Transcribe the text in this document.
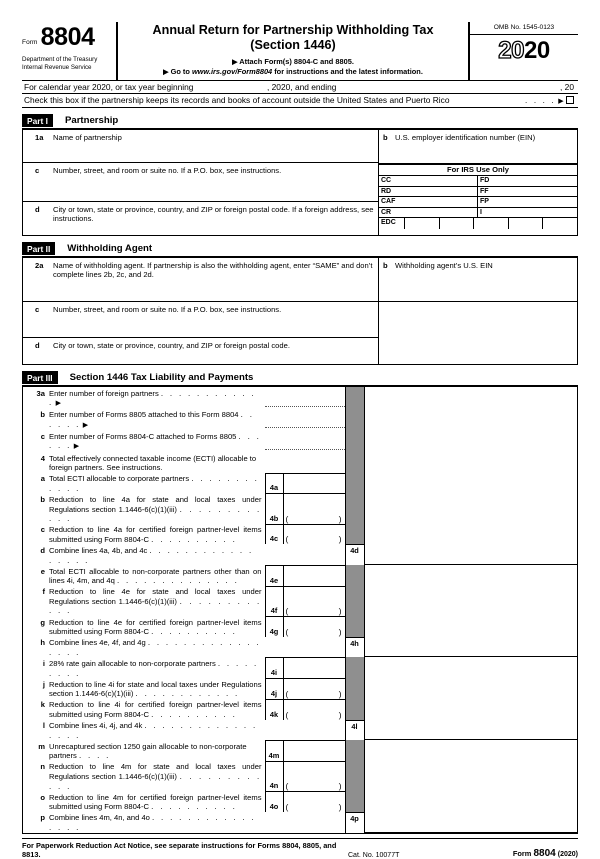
Form 8804
Department of the Treasury
Internal Revenue Service
Annual Return for Partnership Withholding Tax
(Section 1446)
▶ Attach Form(s) 8804-C and 8805.
▶ Go to www.irs.gov/Form8804 for instructions and the latest information.
OMB No. 1545-0123
2020
For calendar year 2020, or tax year beginning	, 2020, and ending	, 20
Check this box if the partnership keeps its records and books of account outside the United States and Puerto Rico	. . . . ▶
Part I	Partnership
1a	Name of partnership
c	Number, street, and room or suite no. If a P.O. box, see instructions.
d	City or town, state or province, country, and ZIP or foreign postal code. If a foreign address, see instructions.
b U.S. employer identification number (EIN)
For IRS Use Only
CC	FD
RD	FF
CAF	FP
CR	I
EDC
Part II	Withholding Agent
2a	Name of withholding agent. If partnership is also the withholding agent, enter “SAME” and don’t complete lines 2b, 2c, and 2d.
c	Number, street, and room or suite no. If a P.O. box, see instructions.
d	City or town, state or province, country, and ZIP or foreign postal code.
b Withholding agent’s U.S. EIN
Part III	Section 1446 Tax Liability and Payments
3a Enter number of foreign partners . . . . . . . . . . . . ▶
b Enter number of Forms 8805 attached to this Form 8804 . . . . . . ▶
c Enter number of Forms 8804-C attached to Forms 8805 . . . . . . ▶
4 Total effectively connected taxable income (ECTI) allocable to foreign partners. See instructions.
a Total ECTI allocable to corporate partners . . . . . . . . . . . .	4a
b Reduction to line 4a for state and local taxes under Regulations section 1.1446-6(c)(1)(iii) . . . . . . . . . . . .	4b (	)
c Reduction to line 4a for certified foreign partner-level items submitted using Form 8804-C . . . . . . . . . .	4c (	)
d Combine lines 4a, 4b, and 4c . . . . . . . . . . . . . . . . .
4d
e Total ECTI allocable to non-corporate partners other than on lines 4i, 4m, and 4q . . . . . . . . . . . . . .	4e
f Reduction to line 4e for state and local taxes under Regulations section 1.1446-6(c)(1)(iii) . . . . . . . . . . . .	4f (	)
g Reduction to line 4e for certified foreign partner-level items submitted using Form 8804-C . . . . . . . . . .	4g (	)
h Combine lines 4e, 4f, and 4g . . . . . . . . . . . . . . . . .
4h
i 28% rate gain allocable to non-corporate partners . . . . . . . . .	4i
j Reduction to line 4i for state and local taxes under Regulations section 1.1446-6(c)(1)(iii) . . . . . . . . . . . .	4j	(	)
k Reduction to line 4i for certified foreign partner-level items submitted using Form 8804-C . . . . . . . . . .	4k (	)
l Combine lines 4i, 4j, and 4k . . . . . . . . . . . . . . . . .
4l
m Unrecaptured section 1250 gain allocable to non-corporate partners . . . .	4m
n Reduction to line 4m for state and local taxes under Regulations section 1.1446-6(c)(1)(iii) . . . . . . . . . . . .	4n (	)
o Reduction to line 4m for certified foreign partner-level items submitted using Form 8804-C . . . . . . . . . .	4o (	)
p Combine lines 4m, 4n, and 4o . . . . . . . . . . . . . . . .
4p
For Paperwork Reduction Act Notice, see separate instructions for Forms 8804, 8805, and 8813.	Cat. No. 10077T	Form 8804 (2020)
